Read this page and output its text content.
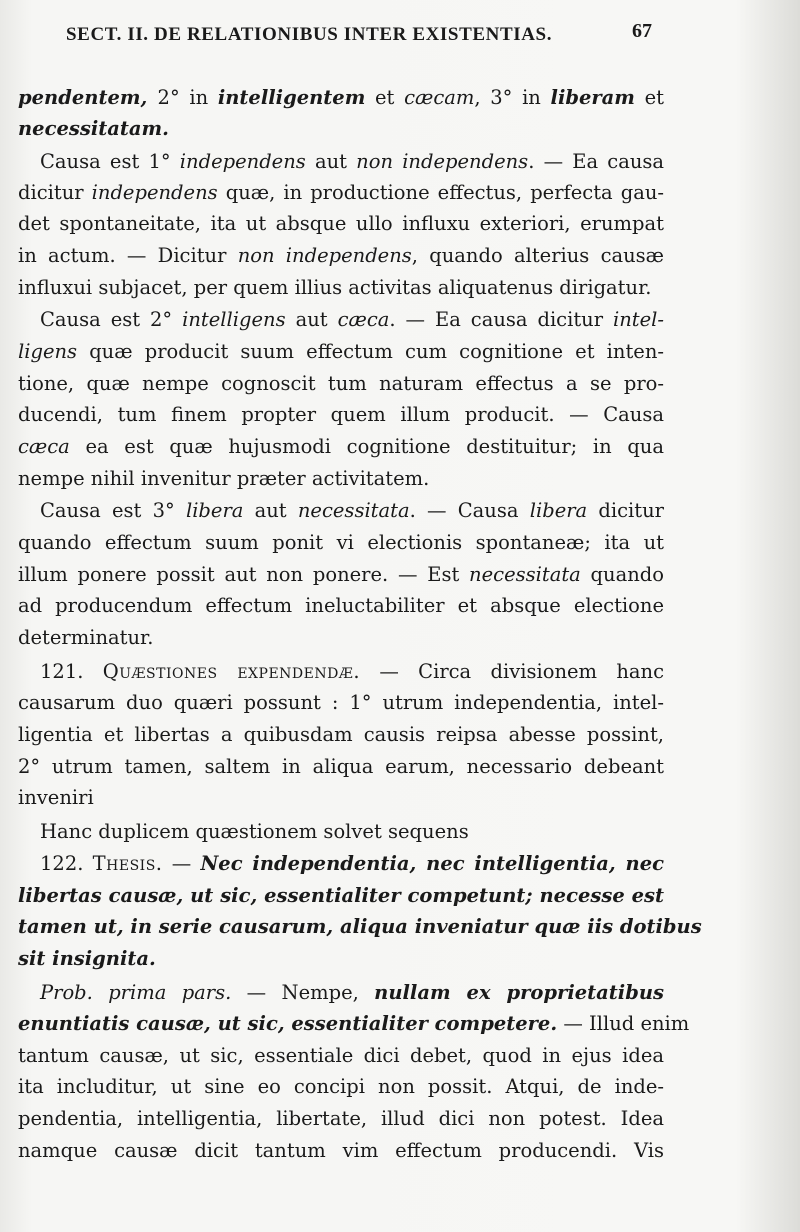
SECT. II. DE RELATIONIBUS INTER EXISTENTIAS.	67
pendentem, 2° in intelligentem et cæcam, 3° in liberam et
necessitatam.
Causa est 1° independens aut non independens. — Ea causa
dicitur independens quæ, in productione effectus, perfecta gau-
det spontaneitate, ita ut absque ullo influxu exteriori, erumpat
in actum. — Dicitur non independens, quando alterius causæ
influxui subjacet, per quem illius activitas aliquatenus dirigatur.
Causa est 2° intelligens aut cæca. — Ea causa dicitur intel-
ligens quæ producit suum effectum cum cognitione et inten-
tione, quæ nempe cognoscit tum naturam effectus a se pro-
ducendi, tum finem propter quem illum producit. — Causa
cæca ea est quæ hujusmodi cognitione destituitur; in qua
nempe nihil invenitur præter activitatem.
Causa est 3° libera aut necessitata. — Causa libera dicitur
quando effectum suum ponit vi electionis spontaneæ; ita ut
illum ponere possit aut non ponere. — Est necessitata quando
ad producendum effectum ineluctabiliter et absque electione
determinatur.
121. Quæstiones expendendæ. — Circa divisionem hanc
causarum duo quæri possunt : 1° utrum independentia, intel-
ligentia et libertas a quibusdam causis reipsa abesse possint,
2° utrum tamen, saltem in aliqua earum, necessario debeant
inveniri
Hanc duplicem quæstionem solvet sequens
122. Thesis. — Nec independentia, nec intelligentia, nec
libertas causæ, ut sic, essentialiter competunt; necesse est
tamen ut, in serie causarum, aliqua inveniatur quæ iis dotibus
sit insignita.
Prob. prima pars. — Nempe, nullam ex proprietatibus
enuntiatis causæ, ut sic, essentialiter competere. — Illud enim
tantum causæ, ut sic, essentiale dici debet, quod in ejus idea
ita includitur, ut sine eo concipi non possit. Atqui, de inde-
pendentia, intelligentia, libertate, illud dici non potest. Idea
namque causæ dicit tantum vim effectum producendi. Vis
